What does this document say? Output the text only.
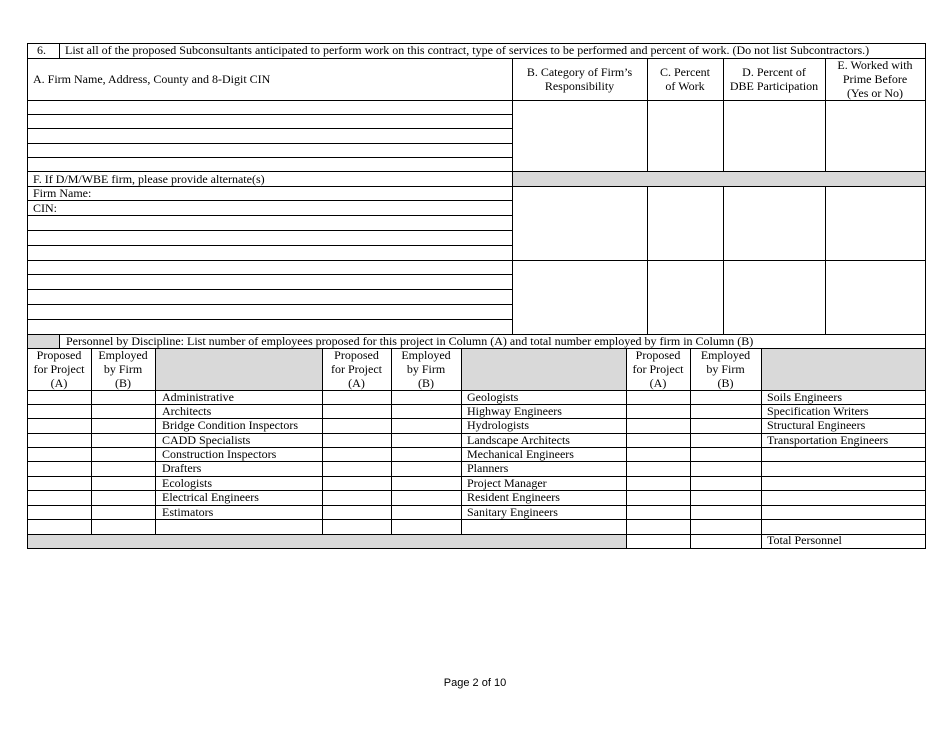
6. List all of the proposed Subconsultants anticipated to perform work on this contract, type of services to be performed and percent of work. (Do not list Subcontractors.)
A. Firm Name, Address, County and 8-Digit CIN	B. Category of Firm’s
Responsibility
C. Percent
of Work
D. Percent of
DBE Participation
E. Worked with
Prime Before
(Yes or No)
F. If D/M/WBE firm, please provide alternate(s)
Firm Name:
CIN:
Personnel by Discipline: List number of employees proposed for this project in Column (A) and total number employed by firm in Column (B)
Proposed
for Project
(A)
Employed
by Firm
(B)
Proposed
for Project
(A)
Employed
by Firm
(B)
Proposed
for Project
(A)
Employed
by Firm
(B)
Administrative
Architects
Bridge Condition Inspectors
CADD Specialists
Construction Inspectors
Drafters
Ecologists
Electrical Engineers
Estimators
Geologists
Highway Engineers
Hydrologists
Landscape Architects
Mechanical Engineers
Planners
Project Manager
Resident Engineers
Sanitary Engineers
Soils Engineers
Specification Writers
Structural Engineers
Transportation Engineers
Total Personnel
Page 2 of 10
